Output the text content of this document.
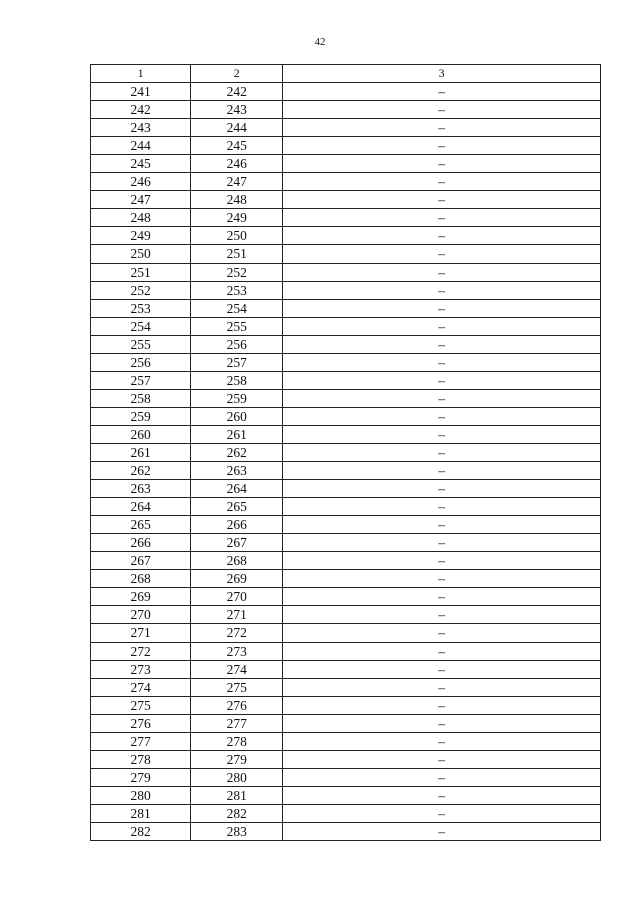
42
1	2	3
241	242	–
242	243	–
243	244	–
244	245	–
245	246	–
246	247	–
247	248	–
248	249	–
249	250	–
250	251	–
251	252	–
252	253	–
253	254	–
254	255	–
255	256	–
256	257	–
257	258	–
258	259	–
259	260	–
260	261	–
261	262	–
262	263	–
263	264	–
264	265	–
265	266	–
266	267	–
267	268	–
268	269	–
269	270	–
270	271	–
271	272	–
272	273	–
273	274	–
274	275	–
275	276	–
276	277	–
277	278	–
278	279	–
279	280	–
280	281	–
281	282	–
282	283	–
